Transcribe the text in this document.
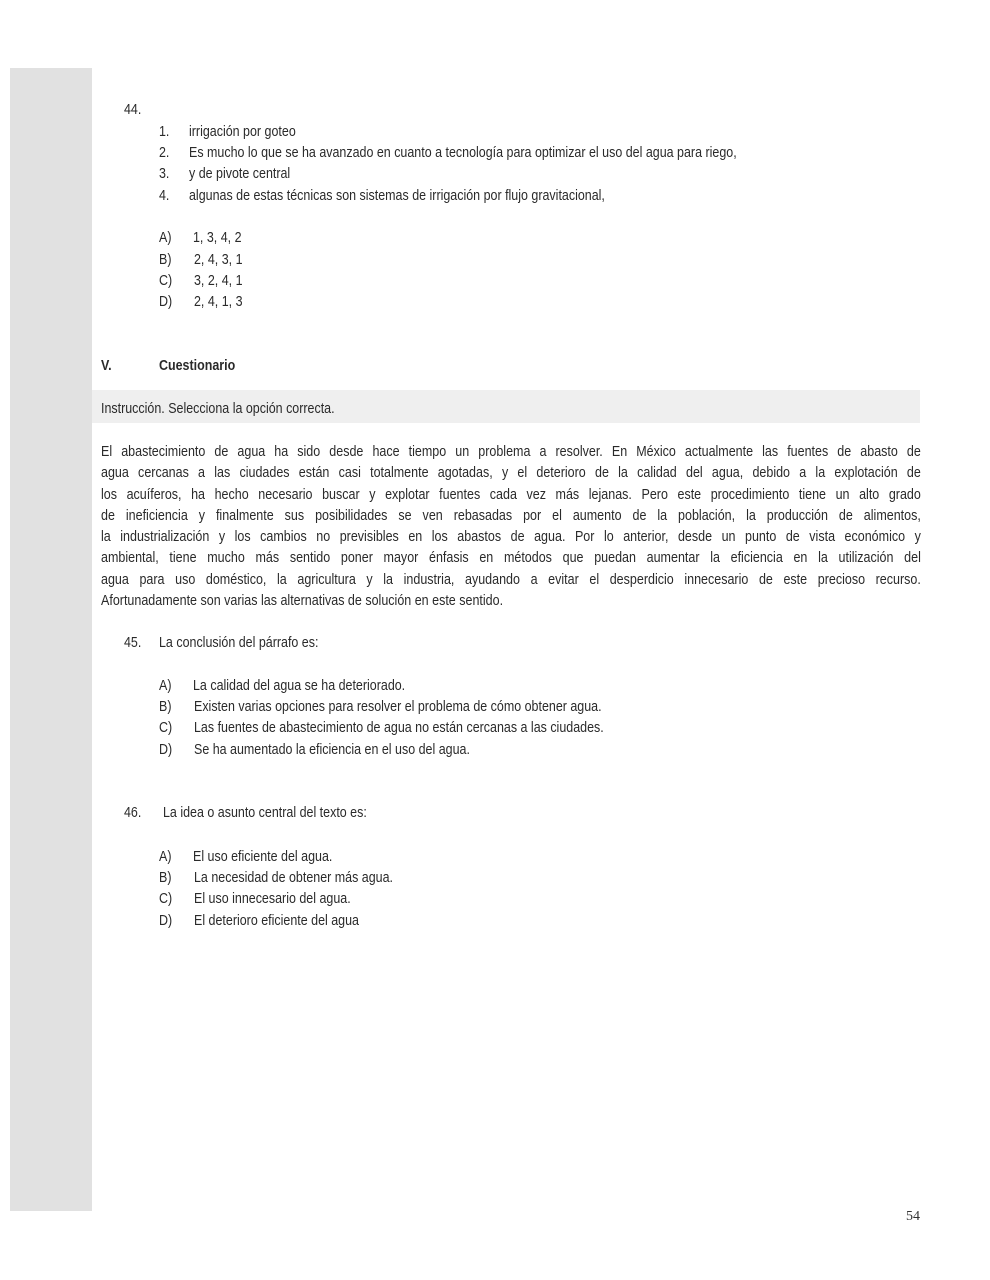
44.
1. irrigación por goteo
2. Es mucho lo que se ha avanzado en cuanto a tecnología para optimizar el uso del agua para riego,
3. y de pivote central
4. algunas de estas técnicas son sistemas de irrigación por flujo gravitacional,
A) 1, 3, 4, 2
B) 2, 4, 3, 1
C) 3, 2, 4, 1
D) 2, 4, 1, 3
V.	Cuestionario
Instrucción. Selecciona la opción correcta.
El abastecimiento de agua ha sido desde hace tiempo un problema a resolver. En México actualmente las fuentes de abasto de
agua cercanas a las ciudades están casi totalmente agotadas, y el deterioro de la calidad del agua, debido a la explotación de
los acuíferos, ha hecho necesario buscar y explotar fuentes cada vez más lejanas. Pero este procedimiento tiene un alto grado
de ineficiencia y finalmente sus posibilidades se ven rebasadas por el aumento de la población, la producción de alimentos,
la industrialización y los cambios no previsibles en los abastos de agua. Por lo anterior, desde un punto de vista económico y
ambiental, tiene mucho más sentido poner mayor énfasis en métodos que puedan aumentar la eficiencia en la utilización del
agua para uso doméstico, la agricultura y la industria, ayudando a evitar el desperdicio innecesario de este precioso recurso.
Afortunadamente son varias las alternativas de solución en este sentido.
45. La conclusión del párrafo es:
A) La calidad del agua se ha deteriorado.
B) Existen varias opciones para resolver el problema de cómo obtener agua.
C) Las fuentes de abastecimiento de agua no están cercanas a las ciudades.
D) Se ha aumentado la eficiencia en el uso del agua.
46. La idea o asunto central del texto es:
A) El uso eficiente del agua.
B) La necesidad de obtener más agua.
C) El uso innecesario del agua.
D) El deterioro eficiente del agua
54
